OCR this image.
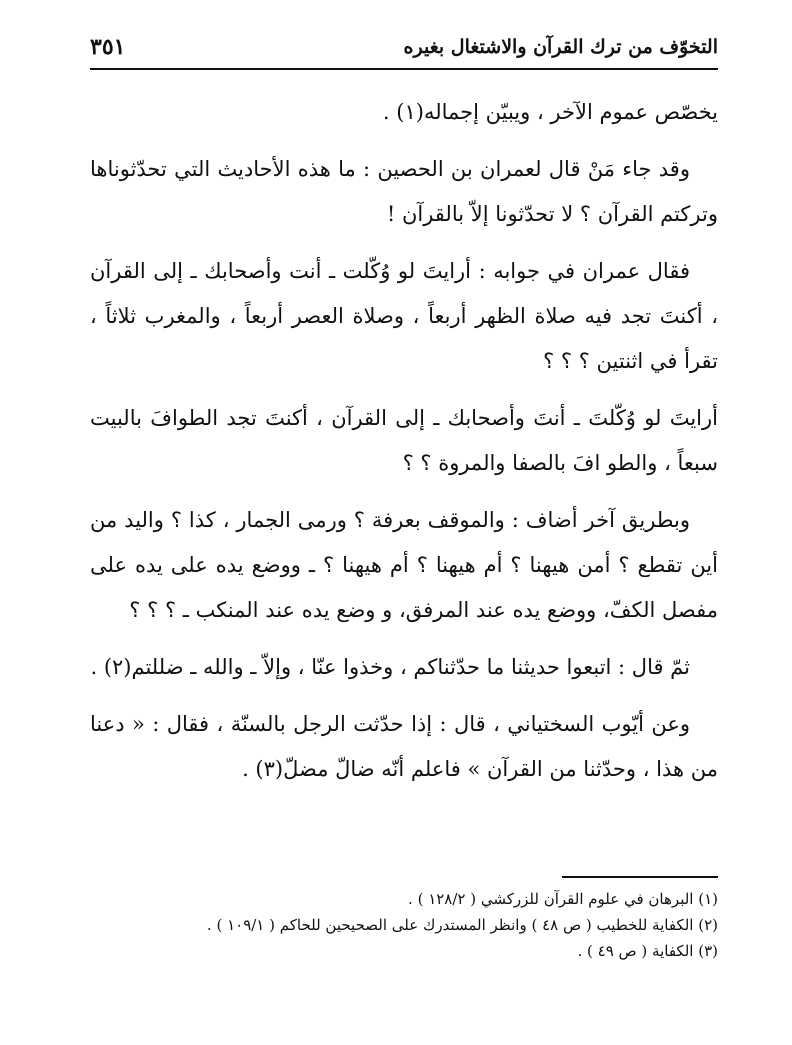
التخوّف من ترك القرآن والاشتغال بغيره
٣٥١

يخصّص عموم الآخر ، ويبيّن إجماله(١) .

وقد جاء مَنْ قال لعمران بن الحصين : ما هذه الأحاديث التي تحدّثوناها وتركتم القرآن ؟ لا تحدّثونا إلاّ بالقرآن !

فقال عمران في جوابه : أرايتَ لو وُكّلت ـ أنت وأصحابك ـ إلى القرآن ، أكنتَ تجد فيه صلاة الظهر أربعاً ، وصلاة العصر أربعاً ، والمغرب ثلاثاً ، تقرأ في اثنتين ؟ ؟ ؟

أرايتَ لو وُكّلتَ ـ أنتَ وأصحابك ـ إلى القرآن ، أكنتَ تجد الطوافَ بالبيت سبعاً ، والطو افَ بالصفا والمروة ؟ ؟

وبطريق آخر أضاف : والموقف بعرفة ؟ ورمى الجمار ، كذا ؟ واليد من أين تقطع ؟ أمن هيهنا ؟ أم هيهنا ؟ أم هيهنا ؟ ـ ووضع يده على يده على مفصل الكفّ، ووضع يده عند المرفق، و وضع يده عند المنكب ـ ؟ ؟ ؟

ثمّ قال : اتبعوا حديثنا ما حدّثناكم ، وخذوا عنّا ، وإلاّ ـ والله ـ ضللتم(٢) .

وعن أيّوب السختياني ، قال : إذا حدّثت الرجل بالسنّة ، فقال : « دعنا من هذا ، وحدّثنا من القرآن » فاعلم أنّه ضالّ مضلّ(٣) .

(١) البرهان في علوم القرآن للزركشي ( ١٢٨/٢ ) .

(٢) الكفاية للخطيب ( ص ٤٨ ) وانظر المستدرك على الصحيحين للحاكم ( ١٠٩/١ ) .

(٣) الكفاية ( ص ٤٩ ) .
